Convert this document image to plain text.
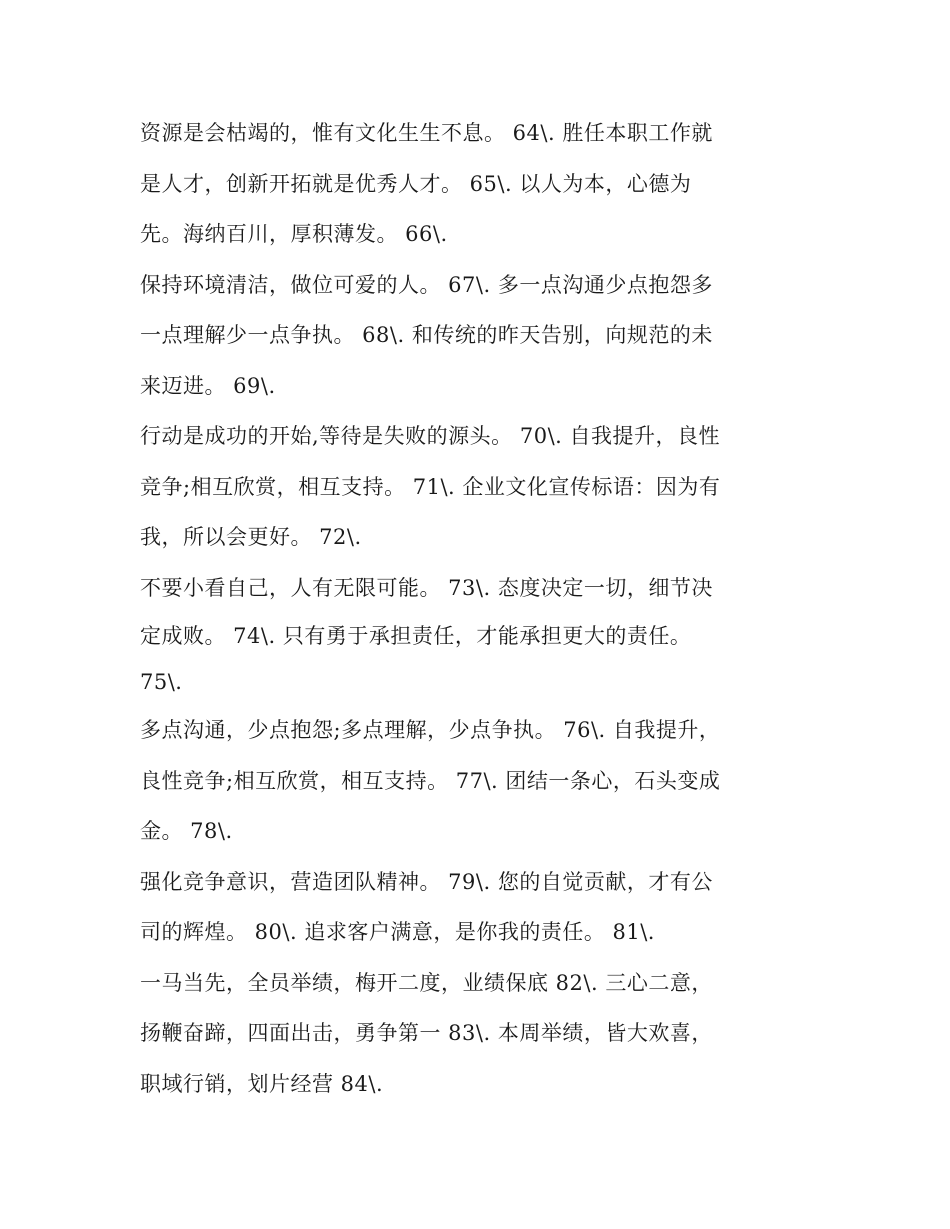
资源是会枯竭的，惟有文化生生不息。 64\. 胜任本职工作就
是人才，创新开拓就是优秀人才。 65\. 以人为本，心德为
先。海纳百川，厚积薄发。 66\.
保持环境清洁，做位可爱的人。 67\. 多一点沟通少点抱怨多
一点理解少一点争执。 68\. 和传统的昨天告别，向规范的未
来迈进。 69\.
行动是成功的开始,等待是失败的源头。 70\. 自我提升，良性
竞争;相互欣赏，相互支持。 71\. 企业文化宣传标语：因为有
我，所以会更好。 72\.
不要小看自己，人有无限可能。 73\. 态度决定一切，细节决
定成败。 74\. 只有勇于承担责任，才能承担更大的责任。
75\.
多点沟通，少点抱怨;多点理解，少点争执。 76\. 自我提升，
良性竞争;相互欣赏，相互支持。 77\. 团结一条心，石头变成
金。 78\.
强化竞争意识，营造团队精神。 79\. 您的自觉贡献，才有公
司的辉煌。 80\. 追求客户满意，是你我的责任。 81\.
一马当先，全员举绩，梅开二度，业绩保底 82\. 三心二意，
扬鞭奋蹄，四面出击，勇争第一 83\. 本周举绩，皆大欢喜，
职域行销，划片经营 84\.
